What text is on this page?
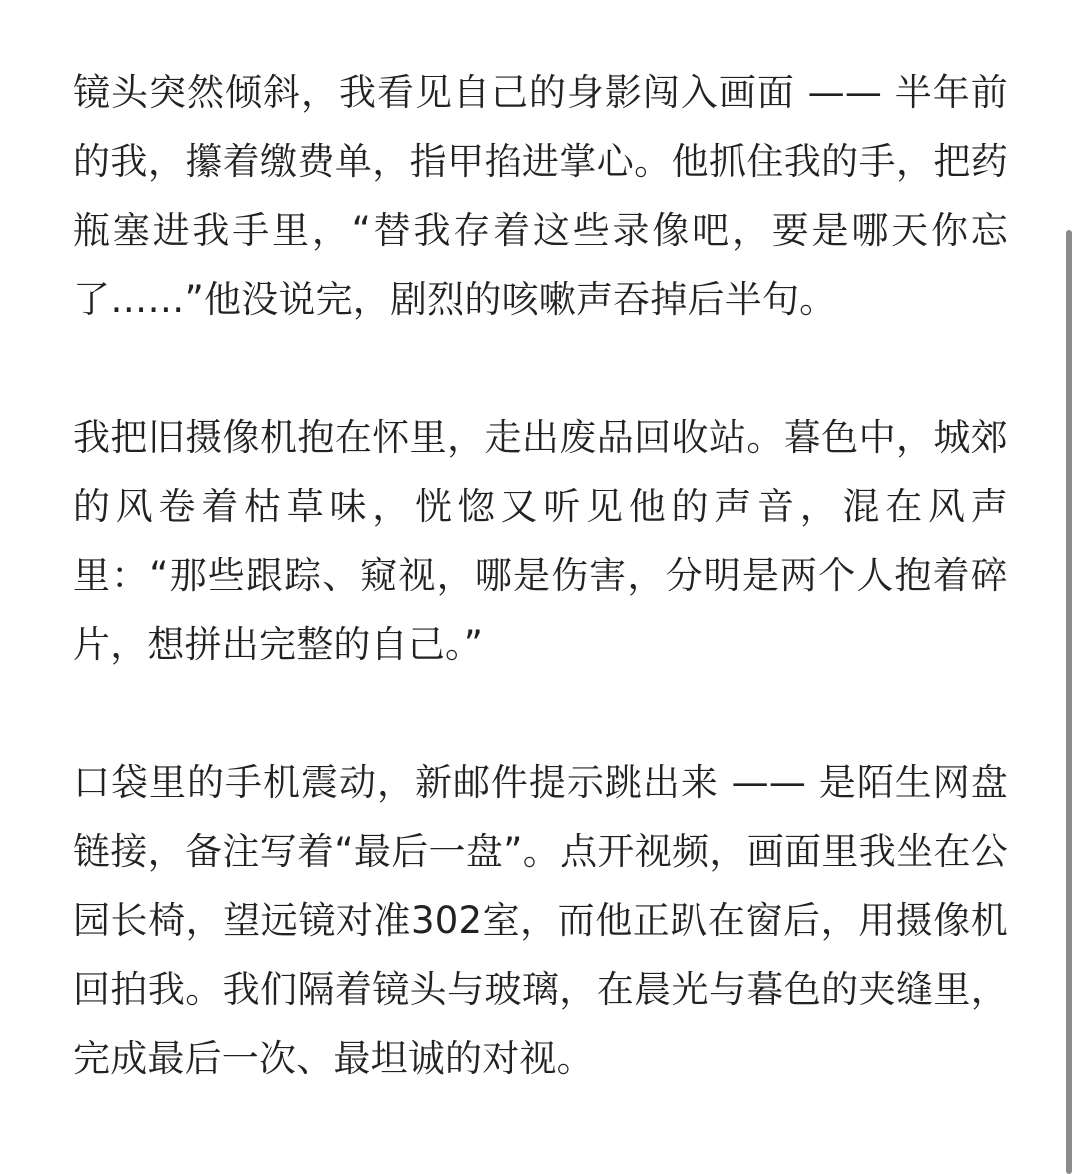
镜头突然倾斜，我看见自己的身影闯入画面 —— 半年前的我，攥着缴费单，指甲掐进掌心。他抓住我的手，把药瓶塞进我手里，“替我存着这些录像吧，要是哪天你忘了……”他没说完，剧烈的咳嗽声吞掉后半句。

我把旧摄像机抱在怀里，走出废品回收站。暮色中，城郊的风卷着枯草味，恍惚又听见他的声音，混在风声里：“那些跟踪、窥视，哪是伤害，分明是两个人抱着碎片，想拼出完整的自己。”

口袋里的手机震动，新邮件提示跳出来 —— 是陌生网盘链接，备注写着“最后一盘”。点开视频，画面里我坐在公园长椅，望远镜对准302室，而他正趴在窗后，用摄像机回拍我。我们隔着镜头与玻璃，在晨光与暮色的夹缝里，完成最后一次、最坦诚的对视。
